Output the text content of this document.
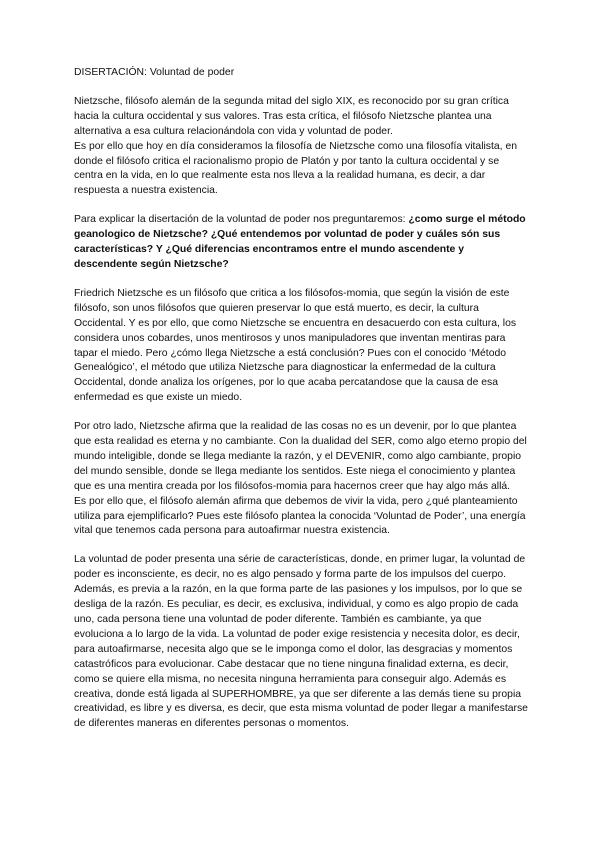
DISERTACIÓN: Voluntad de poder

Nietzsche, filósofo alemán de la segunda mitad del siglo XIX, es reconocido por su gran crítica hacia la cultura occidental y sus valores. Tras esta crítica, el filósofo Nietzsche plantea una alternativa a esa cultura relacionándola con vida y voluntad de poder.

Es por ello que hoy en día consideramos la filosofía de Nietzsche como una filosofía vitalista, en donde el filósofo critica el racionalismo propio de Platón y por tanto la cultura occidental y se centra en la vida, en lo que realmente esta nos lleva a la realidad humana, es decir, a dar respuesta a nuestra existencia.

Para explicar la disertación de la voluntad de poder nos preguntaremos: ¿como surge el método geanologico de Nietzsche? ¿Qué entendemos por voluntad de poder y cuáles són sus características? Y ¿Qué diferencias encontramos entre el mundo ascendente y descendente según Nietzsche?

Friedrich Nietzsche es un filósofo que critica a los filósofos-momia, que según la visión de este filósofo, son unos filósofos que quieren preservar lo que está muerto, es decir, la cultura Occidental. Y es por ello, que como Nietzsche se encuentra en desacuerdo con esta cultura, los considera unos cobardes, unos mentirosos y unos manipuladores que inventan mentiras para tapar el miedo. Pero ¿cómo llega Nietzsche a está conclusión? Pues con el conocido ‘Método Genealógico’, el método que utiliza Nietzsche para diagnosticar la enfermedad de la cultura Occidental, donde analiza los orígenes, por lo que acaba percatandose que la causa de esa enfermedad es que existe un miedo.

Por otro lado, Nietzsche afirma que la realidad de las cosas no es un devenir, por lo que plantea que esta realidad es eterna y no cambiante. Con la dualidad del SER, como algo eterno propio del mundo inteligible, donde se llega mediante la razón, y el DEVENIR, como algo cambiante, propio del mundo sensible, donde se llega mediante los sentidos. Este niega el conocimiento y plantea que es una mentira creada por los filósofos-momia para hacernos creer que hay algo más allá.

Es por ello que, el filósofo alemán afirma que debemos de vivir la vida, pero ¿qué planteamiento utiliza para ejemplificarlo? Pues este filósofo plantea la conocida ‘Voluntad de Poder’, una energía vital que tenemos cada persona para autoafirmar nuestra existencia.

La voluntad de poder presenta una série de características, donde, en primer lugar, la voluntad de poder es inconsciente, es decir, no es algo pensado y forma parte de los impulsos del cuerpo. Además, es previa a la razón, en la que forma parte de las pasiones y los impulsos, por lo que se desliga de la razón. Es peculiar, es decir, es exclusiva, individual, y como es algo propio de cada uno, cada persona tiene una voluntad de poder diferente. También es cambiante, ya que evoluciona a lo largo de la vida. La voluntad de poder exige resistencia y necesita dolor, es decir, para autoafirmarse, necesita algo que se le imponga como el dolor, las desgracias y momentos catastróficos para evolucionar. Cabe destacar que no tiene ninguna finalidad externa, es decir, como se quiere ella misma, no necesita ninguna herramienta para conseguir algo. Además es creativa, donde está ligada al SUPERHOMBRE, ya que ser diferente a las demás tiene su propia creatividad, es libre y es diversa, es decir, que esta misma voluntad de poder llegar a manifestarse de diferentes maneras en diferentes personas o momentos.
